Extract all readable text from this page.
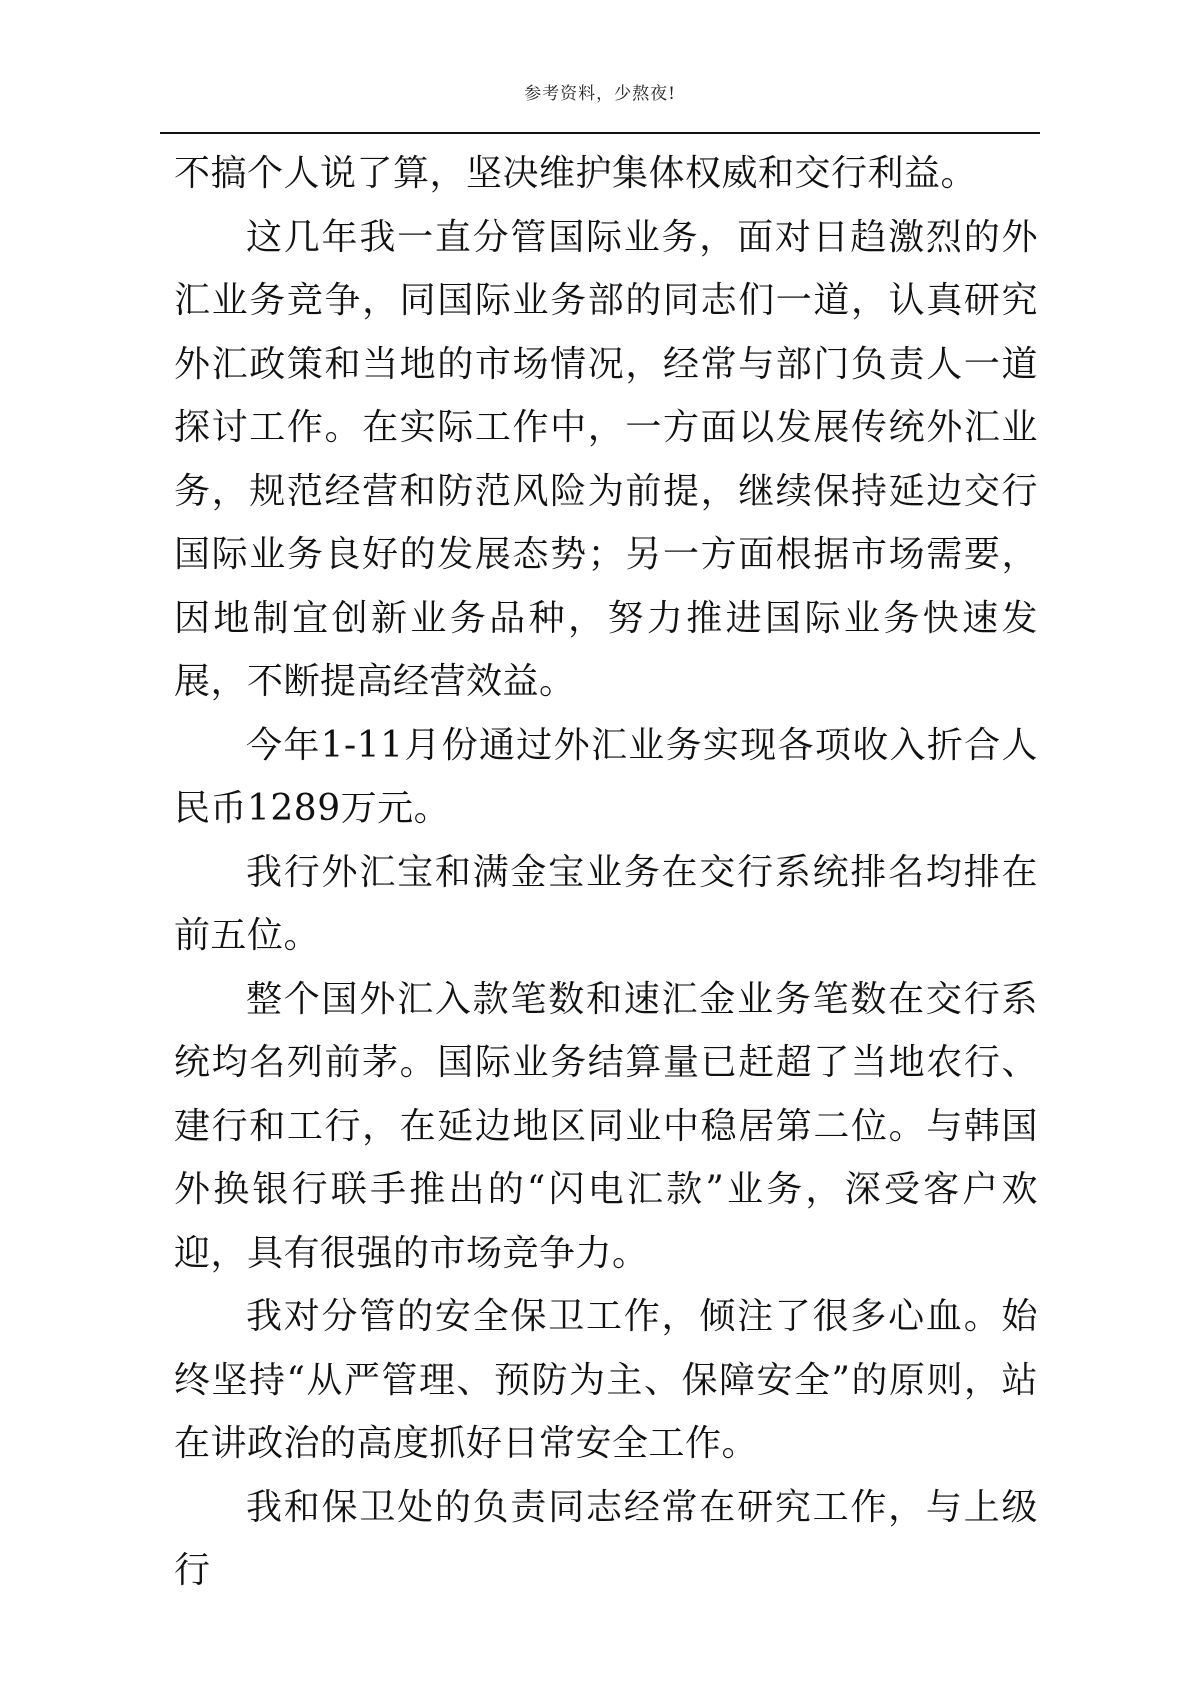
参考资料，少熬夜!

不搞个人说了算，坚决维护集体权威和交行利益。

这几年我一直分管国际业务，面对日趋激烈的外汇业务竞争，同国际业务部的同志们一道，认真研究外汇政策和当地的市场情况，经常与部门负责人一道探讨工作。在实际工作中，一方面以发展传统外汇业务，规范经营和防范风险为前提，继续保持延边交行国际业务良好的发展态势；另一方面根据市场需要，因地制宜创新业务品种，努力推进国际业务快速发展，不断提高经营效益。

今年1-11月份通过外汇业务实现各项收入折合人民币1289万元。

我行外汇宝和满金宝业务在交行系统排名均排在前五位。

整个国外汇入款笔数和速汇金业务笔数在交行系统均名列前茅。国际业务结算量已赶超了当地农行、建行和工行，在延边地区同业中稳居第二位。与韩国外换银行联手推出的“闪电汇款”业务，深受客户欢迎，具有很强的市场竞争力。

我对分管的安全保卫工作，倾注了很多心血。始终坚持“从严管理、预防为主、保障安全”的原则，站在讲政治的高度抓好日常安全工作。

我和保卫处的负责同志经常在研究工作，与上级行
